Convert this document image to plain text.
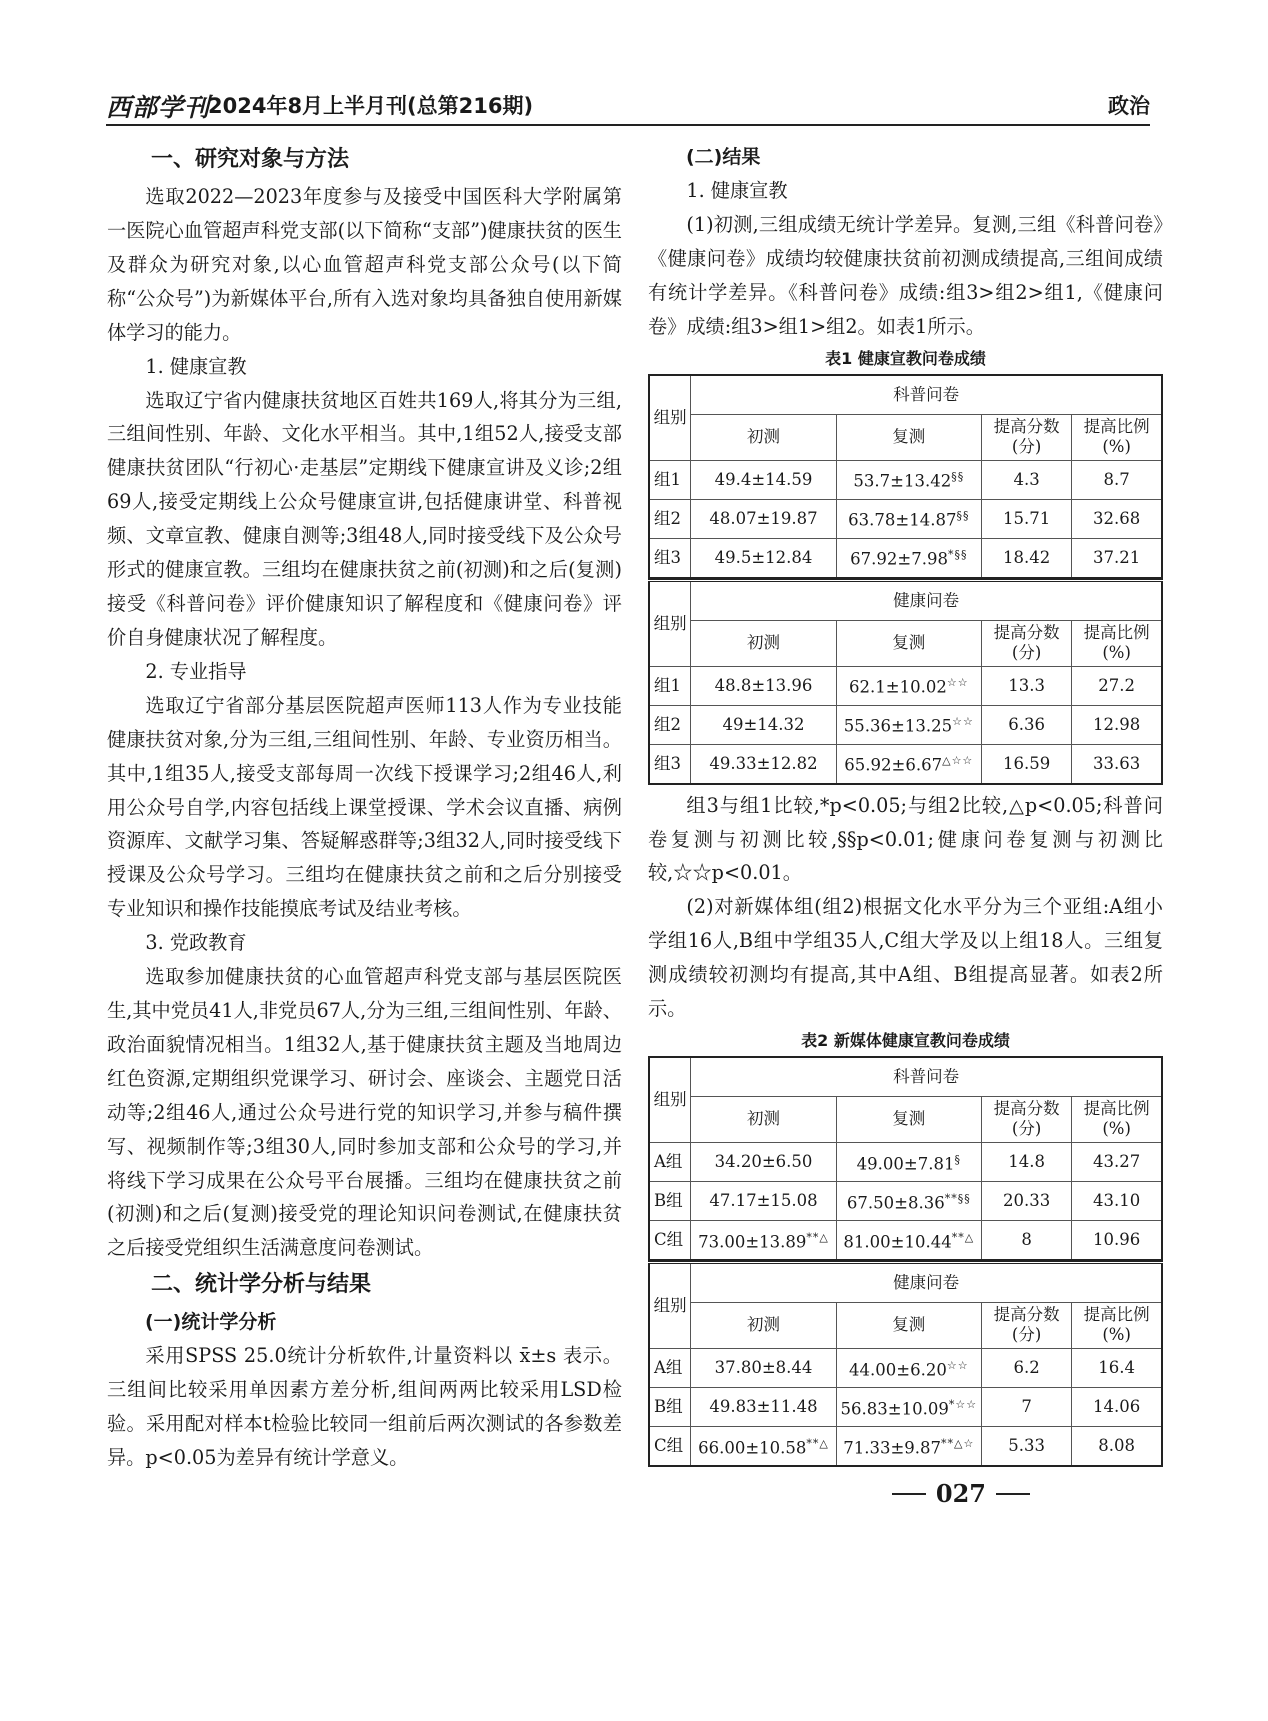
西部学刊
2024年8月上半月刊(总第216期)	政治
一、研究对象与方法

选取2022—2023年度参与及接受中国医科大学附属第一医院心血管超声科党支部(以下简称“支部”)健康扶贫的医生及群众为研究对象,以心血管超声科党支部公众号(以下简称“公众号”)为新媒体平台,所有入选对象均具备独自使用新媒体学习的能力。

1. 健康宣教

选取辽宁省内健康扶贫地区百姓共169人,将其分为三组,三组间性别、年龄、文化水平相当。其中,1组52人,接受支部健康扶贫团队“行初心·走基层”定期线下健康宣讲及义诊;2组69人,接受定期线上公众号健康宣讲,包括健康讲堂、科普视频、文章宣教、健康自测等;3组48人,同时接受线下及公众号形式的健康宣教。三组均在健康扶贫之前(初测)和之后(复测)接受《科普问卷》评价健康知识了解程度和《健康问卷》评价自身健康状况了解程度。

2. 专业指导

选取辽宁省部分基层医院超声医师113人作为专业技能健康扶贫对象,分为三组,三组间性别、年龄、专业资历相当。其中,1组35人,接受支部每周一次线下授课学习;2组46人,利用公众号自学,内容包括线上课堂授课、学术会议直播、病例资源库、文献学习集、答疑解惑群等;3组32人,同时接受线下授课及公众号学习。三组均在健康扶贫之前和之后分别接受专业知识和操作技能摸底考试及结业考核。

3. 党政教育

选取参加健康扶贫的心血管超声科党支部与基层医院医生,其中党员41人,非党员67人,分为三组,三组间性别、年龄、政治面貌情况相当。1组32人,基于健康扶贫主题及当地周边红色资源,定期组织党课学习、研讨会、座谈会、主题党日活动等;2组46人,通过公众号进行党的知识学习,并参与稿件撰写、视频制作等;3组30人,同时参加支部和公众号的学习,并将线下学习成果在公众号平台展播。三组均在健康扶贫之前(初测)和之后(复测)接受党的理论知识问卷测试,在健康扶贫之后接受党组织生活满意度问卷测试。

二、统计学分析与结果
(一)统计学分析

采用SPSS 25.0统计分析软件,计量资料以 x̄±s 表示。三组间比较采用单因素方差分析,组间两两比较采用LSD检验。采用配对样本t检验比较同一组前后两次测试的各参数差异。p<0.05为差异有统计学意义。

(二)结果
1. 健康宣教

(1)初测,三组成绩无统计学差异。复测,三组《科普问卷》《健康问卷》成绩均较健康扶贫前初测成绩提高,三组间成绩有统计学差异。《科普问卷》成绩:组3>组2>组1,《健康问卷》成绩:组3>组1>组2。如表1所示。

表1 健康宣教问卷成绩
组别	科普问卷			
	初测	复测	提高分数(分)	提高比例(%)
组1	49.4±14.59	53.7±13.42§§	4.3	8.7
组2	48.07±19.87	63.78±14.87§§	15.71	32.68
组3	49.5±12.84	67.92±7.98*§§	18.42	37.21
组别	健康问卷			
	初测	复测	提高分数(分)	提高比例(%)
组1	48.8±13.96	62.1±10.02☆☆	13.3	27.2
组2	49±14.32	55.36±13.25☆☆	6.36	12.98
组3	49.33±12.82	65.92±6.67△☆☆	16.59	33.63

组3与组1比较,*p<0.05;与组2比较,△p<0.05;科普问卷复测与初测比较,§§p<0.01;健康问卷复测与初测比较,☆☆p<0.01。

(2)对新媒体组(组2)根据文化水平分为三个亚组:A组小学组16人,B组中学组35人,C组大学及以上组18人。三组复测成绩较初测均有提高,其中A组、B组提高显著。如表2所示。

表2 新媒体健康宣教问卷成绩
组别	科普问卷			
	初测	复测	提高分数(分)	提高比例(%)
A组	34.20±6.50	49.00±7.81§	14.8	43.27
B组	47.17±15.08	67.50±8.36**§§	20.33	43.10
C组	73.00±13.89**△	81.00±10.44**△	8	10.96
组别	健康问卷			
	初测	复测	提高分数(分)	提高比例(%)
A组	37.80±8.44	44.00±6.20☆☆	6.2	16.4
B组	49.83±11.48	56.83±10.09*☆☆	7	14.06
C组	66.00±10.58**△	71.33±9.87**△☆	5.33	8.08
027
